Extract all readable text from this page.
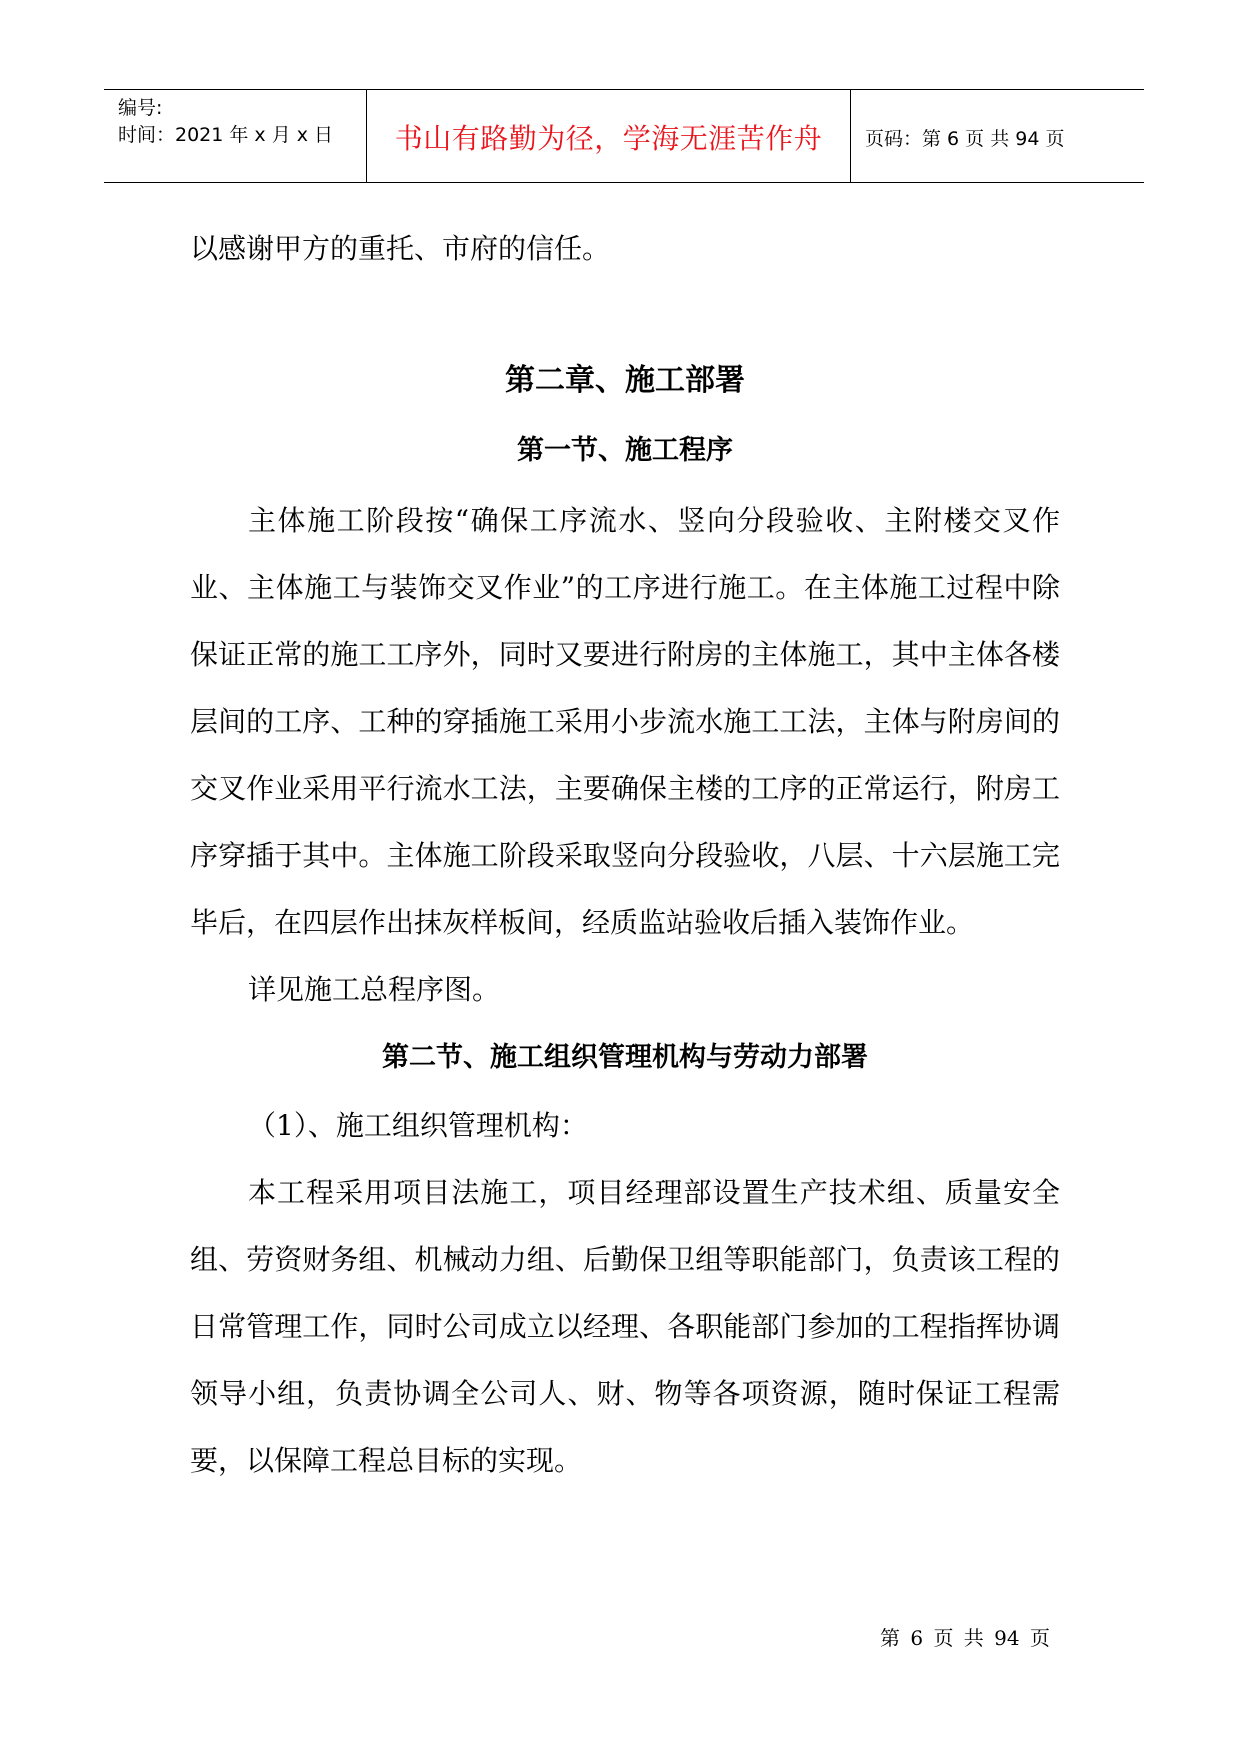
编号:
时间：2021 年 x 月 x 日	书山有路勤为径，学海无涯苦作舟	页码：第 6 页 共 94 页

以感谢甲方的重托、市府的信任。

第二章、施工部署
第一节、施工程序

主体施工阶段按“确保工序流水、竖向分段验收、主附楼交叉作业、主体施工与装饰交叉作业”的工序进行施工。在主体施工过程中除保证正常的施工工序外，同时又要进行附房的主体施工，其中主体各楼层间的工序、工种的穿插施工采用小步流水施工工法，主体与附房间的交叉作业采用平行流水工法，主要确保主楼的工序的正常运行，附房工序穿插于其中。主体施工阶段采取竖向分段验收，八层、十六层施工完毕后，在四层作出抹灰样板间，经质监站验收后插入装饰作业。

详见施工总程序图。

第二节、施工组织管理机构与劳动力部署

（1）、施工组织管理机构：

本工程采用项目法施工，项目经理部设置生产技术组、质量安全组、劳资财务组、机械动力组、后勤保卫组等职能部门，负责该工程的日常管理工作，同时公司成立以经理、各职能部门参加的工程指挥协调领导小组，负责协调全公司人、财、物等各项资源，随时保证工程需要，以保障工程总目标的实现。

第 6 页 共 94 页
